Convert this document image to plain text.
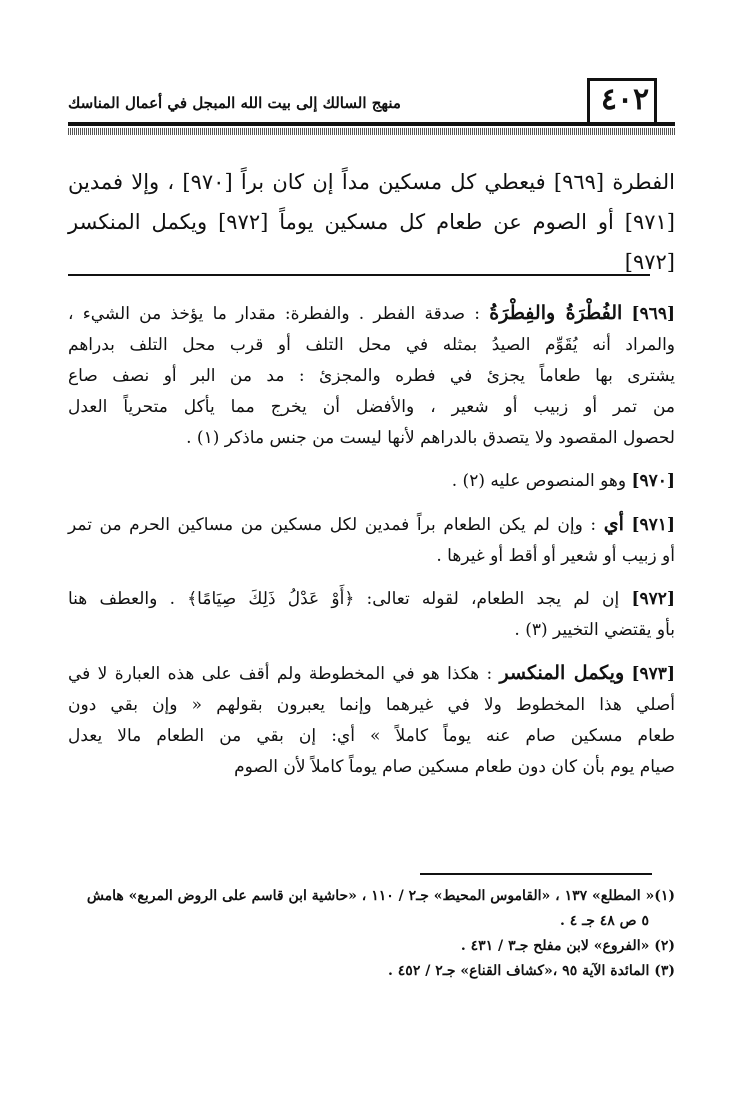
٤٠٢
منهج السالك إلى بيت الله المبجل في أعمال المناسك

الفطرة [٩٦٩] فيعطي كل مسكين مداً إن كان براً [٩٧٠] ، وإلا فمدين

[٩٧١] أو الصوم عن طعام كل مسكين يوماً [٩٧٢] ويكمل المنكسر [٩٧٢]

[٩٦٩] الفُطْرَةُ والفِطْرَةُ : صدقة الفطر . والفطرة: مقدار ما يؤخذ من الشيء ،
والمراد أنه يُقَوِّم الصيدُ بمثله في محل التلف أو قرب محل التلف بدراهم
يشترى بها طعاماً يجزئ في فطره والمجزئ : مد من البر أو نصف صاع
من تمر أو زبيب أو شعير ، والأفضل أن يخرج مما يأكل متحرياً العدل
لحصول المقصود ولا يتصدق بالدراهم لأنها ليست من جنس ماذكر (١) .
[٩٧٠] وهو المنصوص عليه (٢) .
[٩٧١] أي : وإن لم يكن الطعام براً فمدين لكل مسكين من مساكين الحرم من تمر
أو زبيب أو شعير أو أقط أو غيرها .
[٩٧٢] إن لم يجد الطعام، لقوله تعالى: ﴿أَوْ عَدْلُ ذَلِكَ صِيَامًا﴾ . والعطف هنا
بأو يقتضي التخيير (٣) .
[٩٧٣] ويكمل المنكسر : هكذا هو في المخطوطة ولم أقف على هذه العبارة لا في
أصلي هذا المخطوط ولا في غيرهما وإنما يعبرون بقولهم « وإن بقي دون
طعام مسكين صام عنه يوماً كاملاً » أي: إن بقي من الطعام مالا يعدل
صيام يوم بأن كان دون طعام مسكين صام يوماً كاملاً لأن الصوم
(١)« المطلع» ١٣٧ ، «القاموس المحيط» جـ٢ / ١١٠ ، «حاشية ابن قاسم على الروض المربع» هامش
٥ ص ٤٨ جـ ٤ .
(٢) «الفروع» لابن مفلح جـ٣ / ٤٣١ .
(٣) المائدة الآية ٩٥ ،«كشاف القناع» جـ٢ / ٤٥٢ .
